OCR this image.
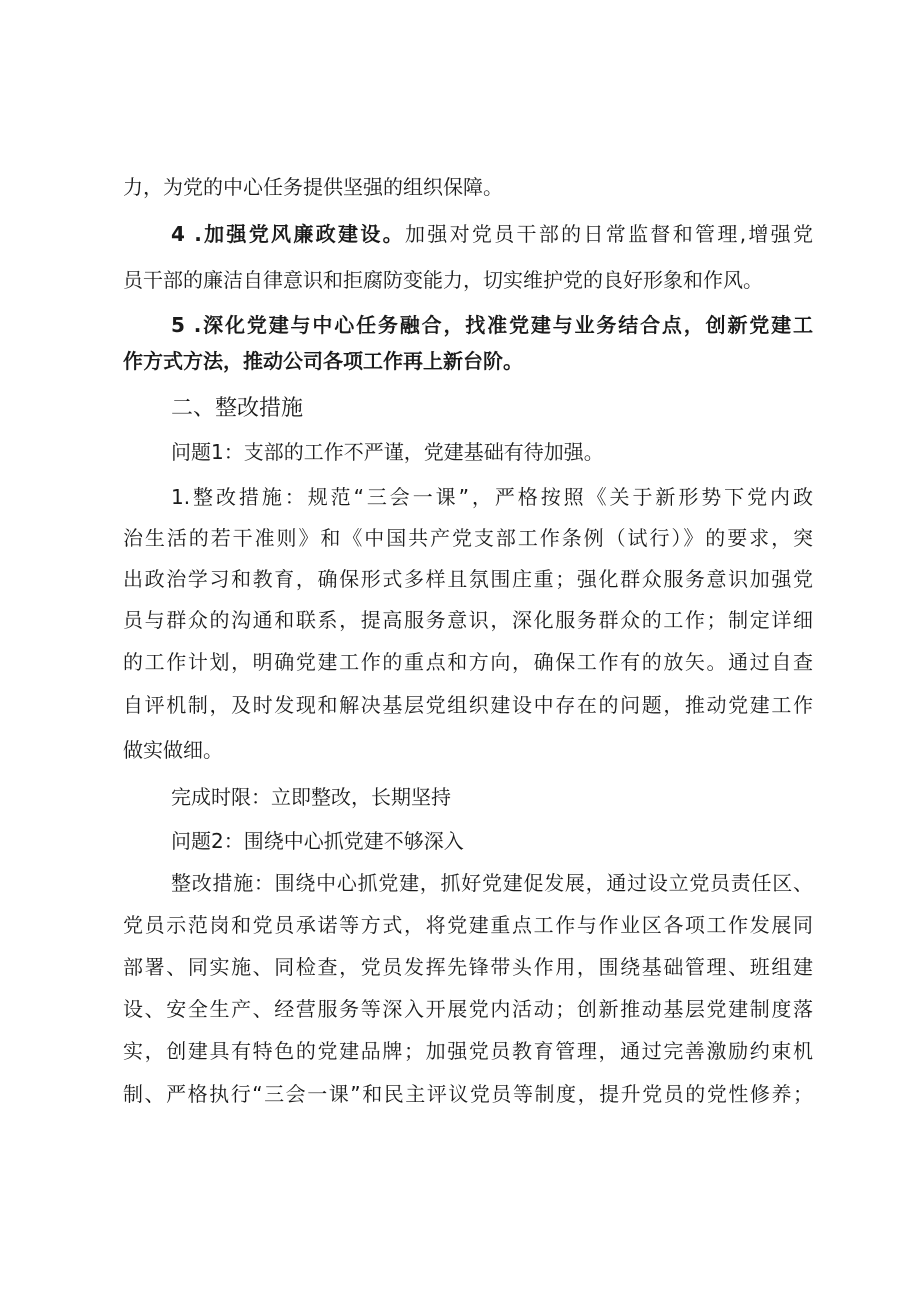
力，为党的中心任务提供坚强的组织保障。
4 .加强党风廉政建设。加强对党员干部的日常监督和管理,增强党
员干部的廉洁自律意识和拒腐防变能力，切实维护党的良好形象和作风。
5 .深化党建与中心任务融合，找准党建与业务结合点，创新党建工
作方式方法，推动公司各项工作再上新台阶。
二、整改措施
问题1：支部的工作不严谨，党建基础有待加强。
1.整改措施：规范“三会一课”，严格按照《关于新形势下党内政
治生活的若干准则》和《中国共产党支部工作条例（试行）》的要求，突
出政治学习和教育，确保形式多样且氛围庄重；强化群众服务意识加强党
员与群众的沟通和联系，提高服务意识，深化服务群众的工作；制定详细
的工作计划，明确党建工作的重点和方向，确保工作有的放矢。通过自查
自评机制，及时发现和解决基层党组织建设中存在的问题，推动党建工作
做实做细。
完成时限：立即整改，长期坚持
问题2：围绕中心抓党建不够深入
整改措施：围绕中心抓党建，抓好党建促发展，通过设立党员责任区、
党员示范岗和党员承诺等方式，将党建重点工作与作业区各项工作发展同
部署、同实施、同检查，党员发挥先锋带头作用，围绕基础管理、班组建
设、安全生产、经营服务等深入开展党内活动；创新推动基层党建制度落
实，创建具有特色的党建品牌；加强党员教育管理，通过完善激励约束机
制、严格执行“三会一课”和民主评议党员等制度，提升党员的党性修养；
